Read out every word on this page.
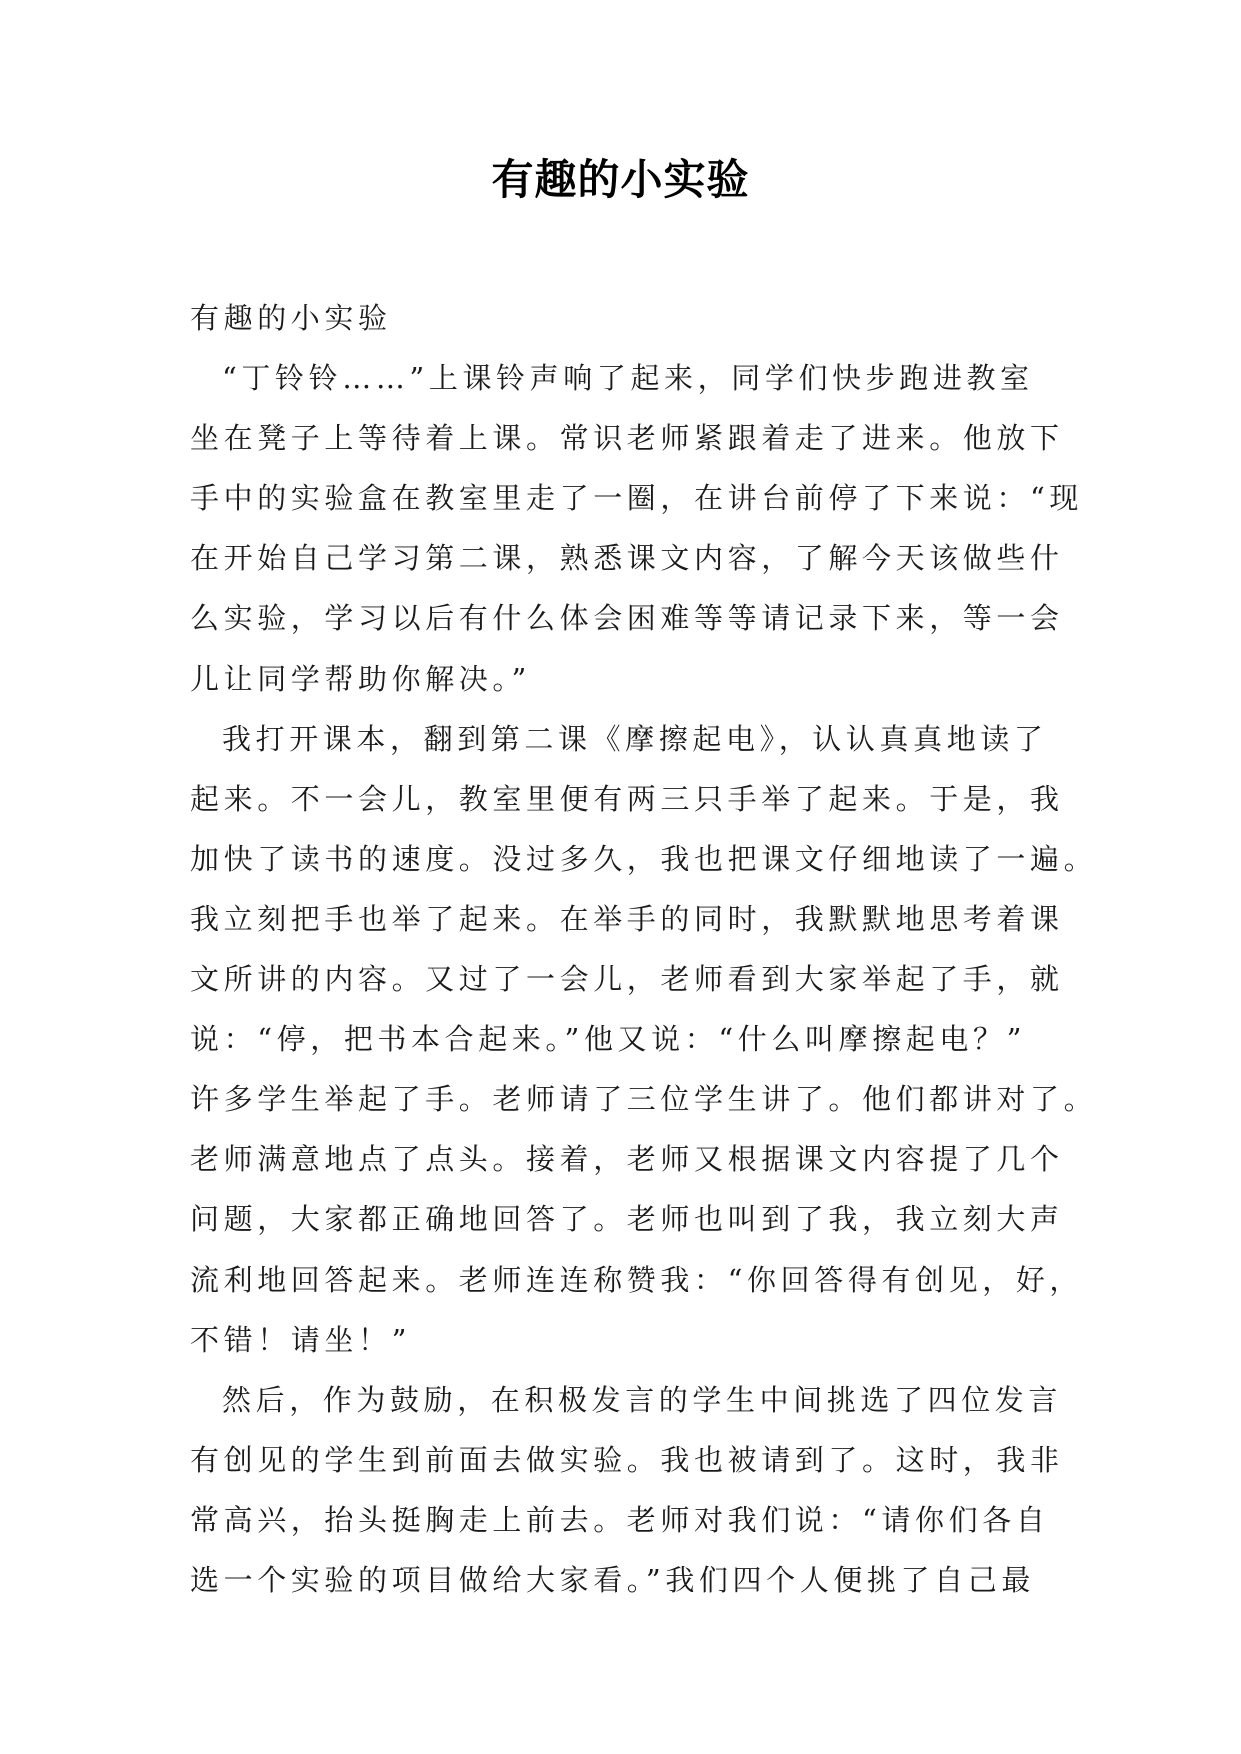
有趣的小实验

有趣的小实验

“丁铃铃……”上课铃声响了起来，同学们快步跑进教室

坐在凳子上等待着上课。常识老师紧跟着走了进来。他放下

手中的实验盒在教室里走了一圈，在讲台前停了下来说：“现

在开始自己学习第二课，熟悉课文内容，了解今天该做些什

么实验，学习以后有什么体会困难等等请记录下来，等一会

儿让同学帮助你解决。”

我打开课本，翻到第二课《摩擦起电》，认认真真地读了

起来。不一会儿，教室里便有两三只手举了起来。于是，我

加快了读书的速度。没过多久，我也把课文仔细地读了一遍。

我立刻把手也举了起来。在举手的同时，我默默地思考着课

文所讲的内容。又过了一会儿，老师看到大家举起了手，就

说：“停，把书本合起来。”他又说：“什么叫摩擦起电？”

许多学生举起了手。老师请了三位学生讲了。他们都讲对了。

老师满意地点了点头。接着，老师又根据课文内容提了几个

问题，大家都正确地回答了。老师也叫到了我，我立刻大声

流利地回答起来。老师连连称赞我：“你回答得有创见，好，

不错！请坐！”

然后，作为鼓励，在积极发言的学生中间挑选了四位发言

有创见的学生到前面去做实验。我也被请到了。这时，我非

常高兴，抬头挺胸走上前去。老师对我们说：“请你们各自

选一个实验的项目做给大家看。”我们四个人便挑了自己最
